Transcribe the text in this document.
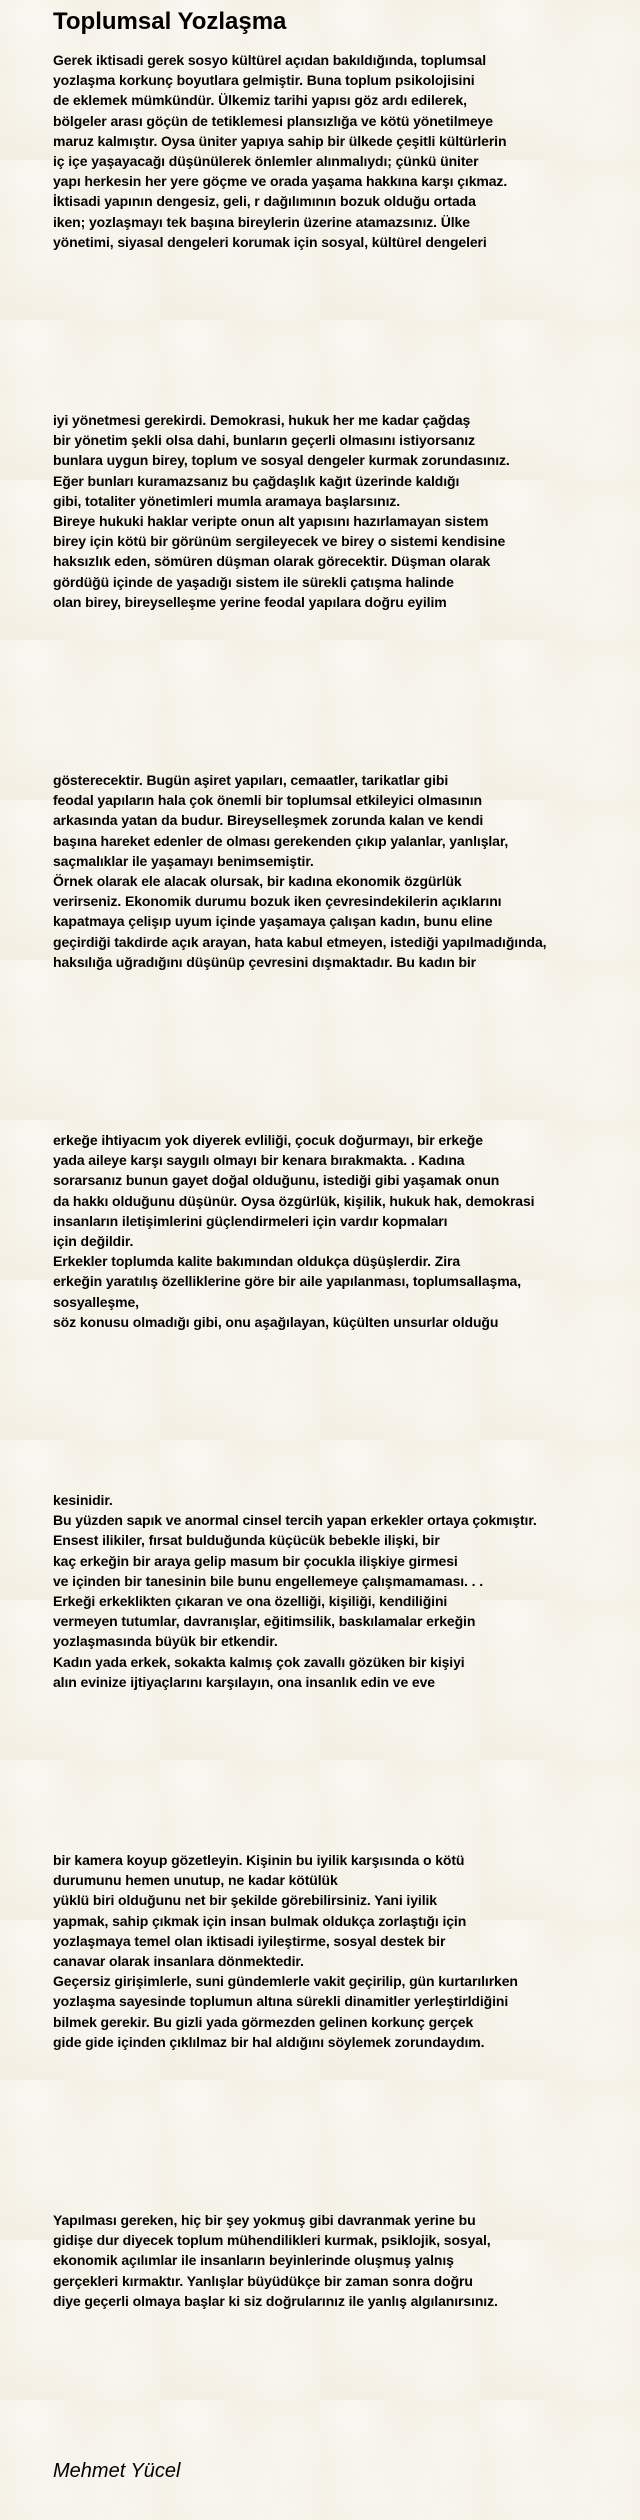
Toplumsal Yozlaşma
Gerek iktisadi gerek sosyo kültürel açıdan bakıldığında, toplumsal
yozlaşma korkunç boyutlara gelmiştir. Buna toplum psikolojisini
de eklemek mümkündür. Ülkemiz tarihi yapısı göz ardı edilerek,
bölgeler arası göçün de tetiklemesi plansızlığa ve kötü yönetilmeye
maruz kalmıştır. Oysa üniter yapıya sahip bir ülkede çeşitli kültürlerin
iç içe yaşayacağı düşünülerek önlemler alınmalıydı; çünkü üniter
yapı herkesin her yere göçme ve orada yaşama hakkına karşı çıkmaz.
İktisadi yapının dengesiz, geli, r dağılımının bozuk olduğu ortada
iken; yozlaşmayı tek başına bireylerin üzerine atamazsınız. Ülke
yönetimi, siyasal dengeleri korumak için sosyal, kültürel dengeleri
iyi yönetmesi gerekirdi. Demokrasi, hukuk her me kadar çağdaş
bir yönetim şekli olsa dahi, bunların geçerli olmasını istiyorsanız
bunlara uygun birey, toplum ve sosyal dengeler kurmak zorundasınız.
Eğer bunları kuramazsanız bu çağdaşlık kağıt üzerinde kaldığı
gibi, totaliter yönetimleri mumla aramaya başlarsınız.
Bireye hukuki haklar veripte onun alt yapısını hazırlamayan sistem
birey için kötü bir görünüm sergileyecek ve birey o sistemi kendisine
haksızlık eden, sömüren düşman olarak görecektir. Düşman olarak
gördüğü içinde de yaşadığı sistem ile sürekli çatışma halinde
olan birey, bireyselleşme yerine feodal yapılara doğru eyilim
gösterecektir. Bugün aşiret yapıları, cemaatler, tarikatlar gibi
feodal yapıların hala çok önemli bir toplumsal etkileyici olmasının
arkasında yatan da budur. Bireyselleşmek zorunda kalan ve kendi
başına hareket edenler de olması gerekenden çıkıp yalanlar, yanlışlar,
saçmalıklar ile yaşamayı benimsemiştir.
Örnek olarak ele alacak olursak, bir kadına ekonomik özgürlük
verirseniz. Ekonomik durumu bozuk iken çevresindekilerin açıklarını
kapatmaya çelişıp uyum içinde yaşamaya çalışan kadın, bunu eline
geçirdiği takdirde açık arayan, hata kabul etmeyen, istediği yapılmadığında,
haksılığa uğradığını düşünüp çevresini dışmaktadır. Bu kadın bir
erkeğe ihtiyacım yok diyerek evliliği, çocuk doğurmayı, bir erkeğe
yada aileye karşı saygılı olmayı bir kenara bırakmakta. . Kadına
sorarsanız bunun gayet doğal olduğunu, istediği gibi yaşamak onun
da hakkı olduğunu düşünür. Oysa özgürlük, kişilik, hukuk hak, demokrasi
insanların iletişimlerini güçlendirmeleri için vardır kopmaları
için değildir.
Erkekler toplumda kalite bakımından oldukça düşüşlerdir. Zira
erkeğin yaratılış özelliklerine göre bir aile yapılanması, toplumsallaşma,
sosyalleşme,
söz konusu olmadığı gibi, onu aşağılayan, küçülten unsurlar olduğu
kesinidir.
Bu yüzden sapık ve anormal cinsel tercih yapan erkekler ortaya çokmıştır.
Ensest ilikiler, fırsat bulduğunda küçücük bebekle ilişki, bir
kaç erkeğin bir araya gelip masum bir çocukla ilişkiye girmesi
ve içinden bir tanesinin bile bunu engellemeye çalışmamaması. . .
Erkeği erkeklikten çıkaran ve ona özelliği, kişiliği, kendiliğini
vermeyen tutumlar, davranışlar, eğitimsilik, baskılamalar erkeğin
yozlaşmasında büyük bir etkendir.
Kadın yada erkek, sokakta kalmış çok zavallı gözüken bir kişiyi
alın evinize ijtiyaçlarını karşılayın, ona insanlık edin ve eve
bir kamera koyup gözetleyin. Kişinin bu iyilik karşısında o kötü
durumunu hemen unutup, ne kadar kötülük
yüklü biri olduğunu net bir şekilde görebilirsiniz. Yani iyilik
yapmak, sahip çıkmak için insan bulmak oldukça zorlaştığı için
yozlaşmaya temel olan iktisadi iyileştirme, sosyal destek bir
canavar olarak insanlara dönmektedir.
Geçersiz girişimlerle, suni gündemlerle vakit geçirilip, gün kurtarılırken
yozlaşma sayesinde toplumun altına sürekli dinamitler yerleştirldiğini
bilmek gerekir. Bu gizli yada görmezden gelinen korkunç gerçek
gide gide içinden çıklılmaz bir hal aldığını söylemek zorundaydım.
Yapılması gereken, hiç bir şey yokmuş gibi davranmak yerine bu
gidişe dur diyecek toplum mühendilikleri kurmak, psiklojik, sosyal,
ekonomik açılımlar ile insanların beyinlerinde oluşmuş yalnış
gerçekleri kırmaktır. Yanlışlar büyüdükçe bir zaman sonra doğru
diye geçerli olmaya başlar ki siz doğrularınız ile yanlış algılanırsınız.
Mehmet Yücel
